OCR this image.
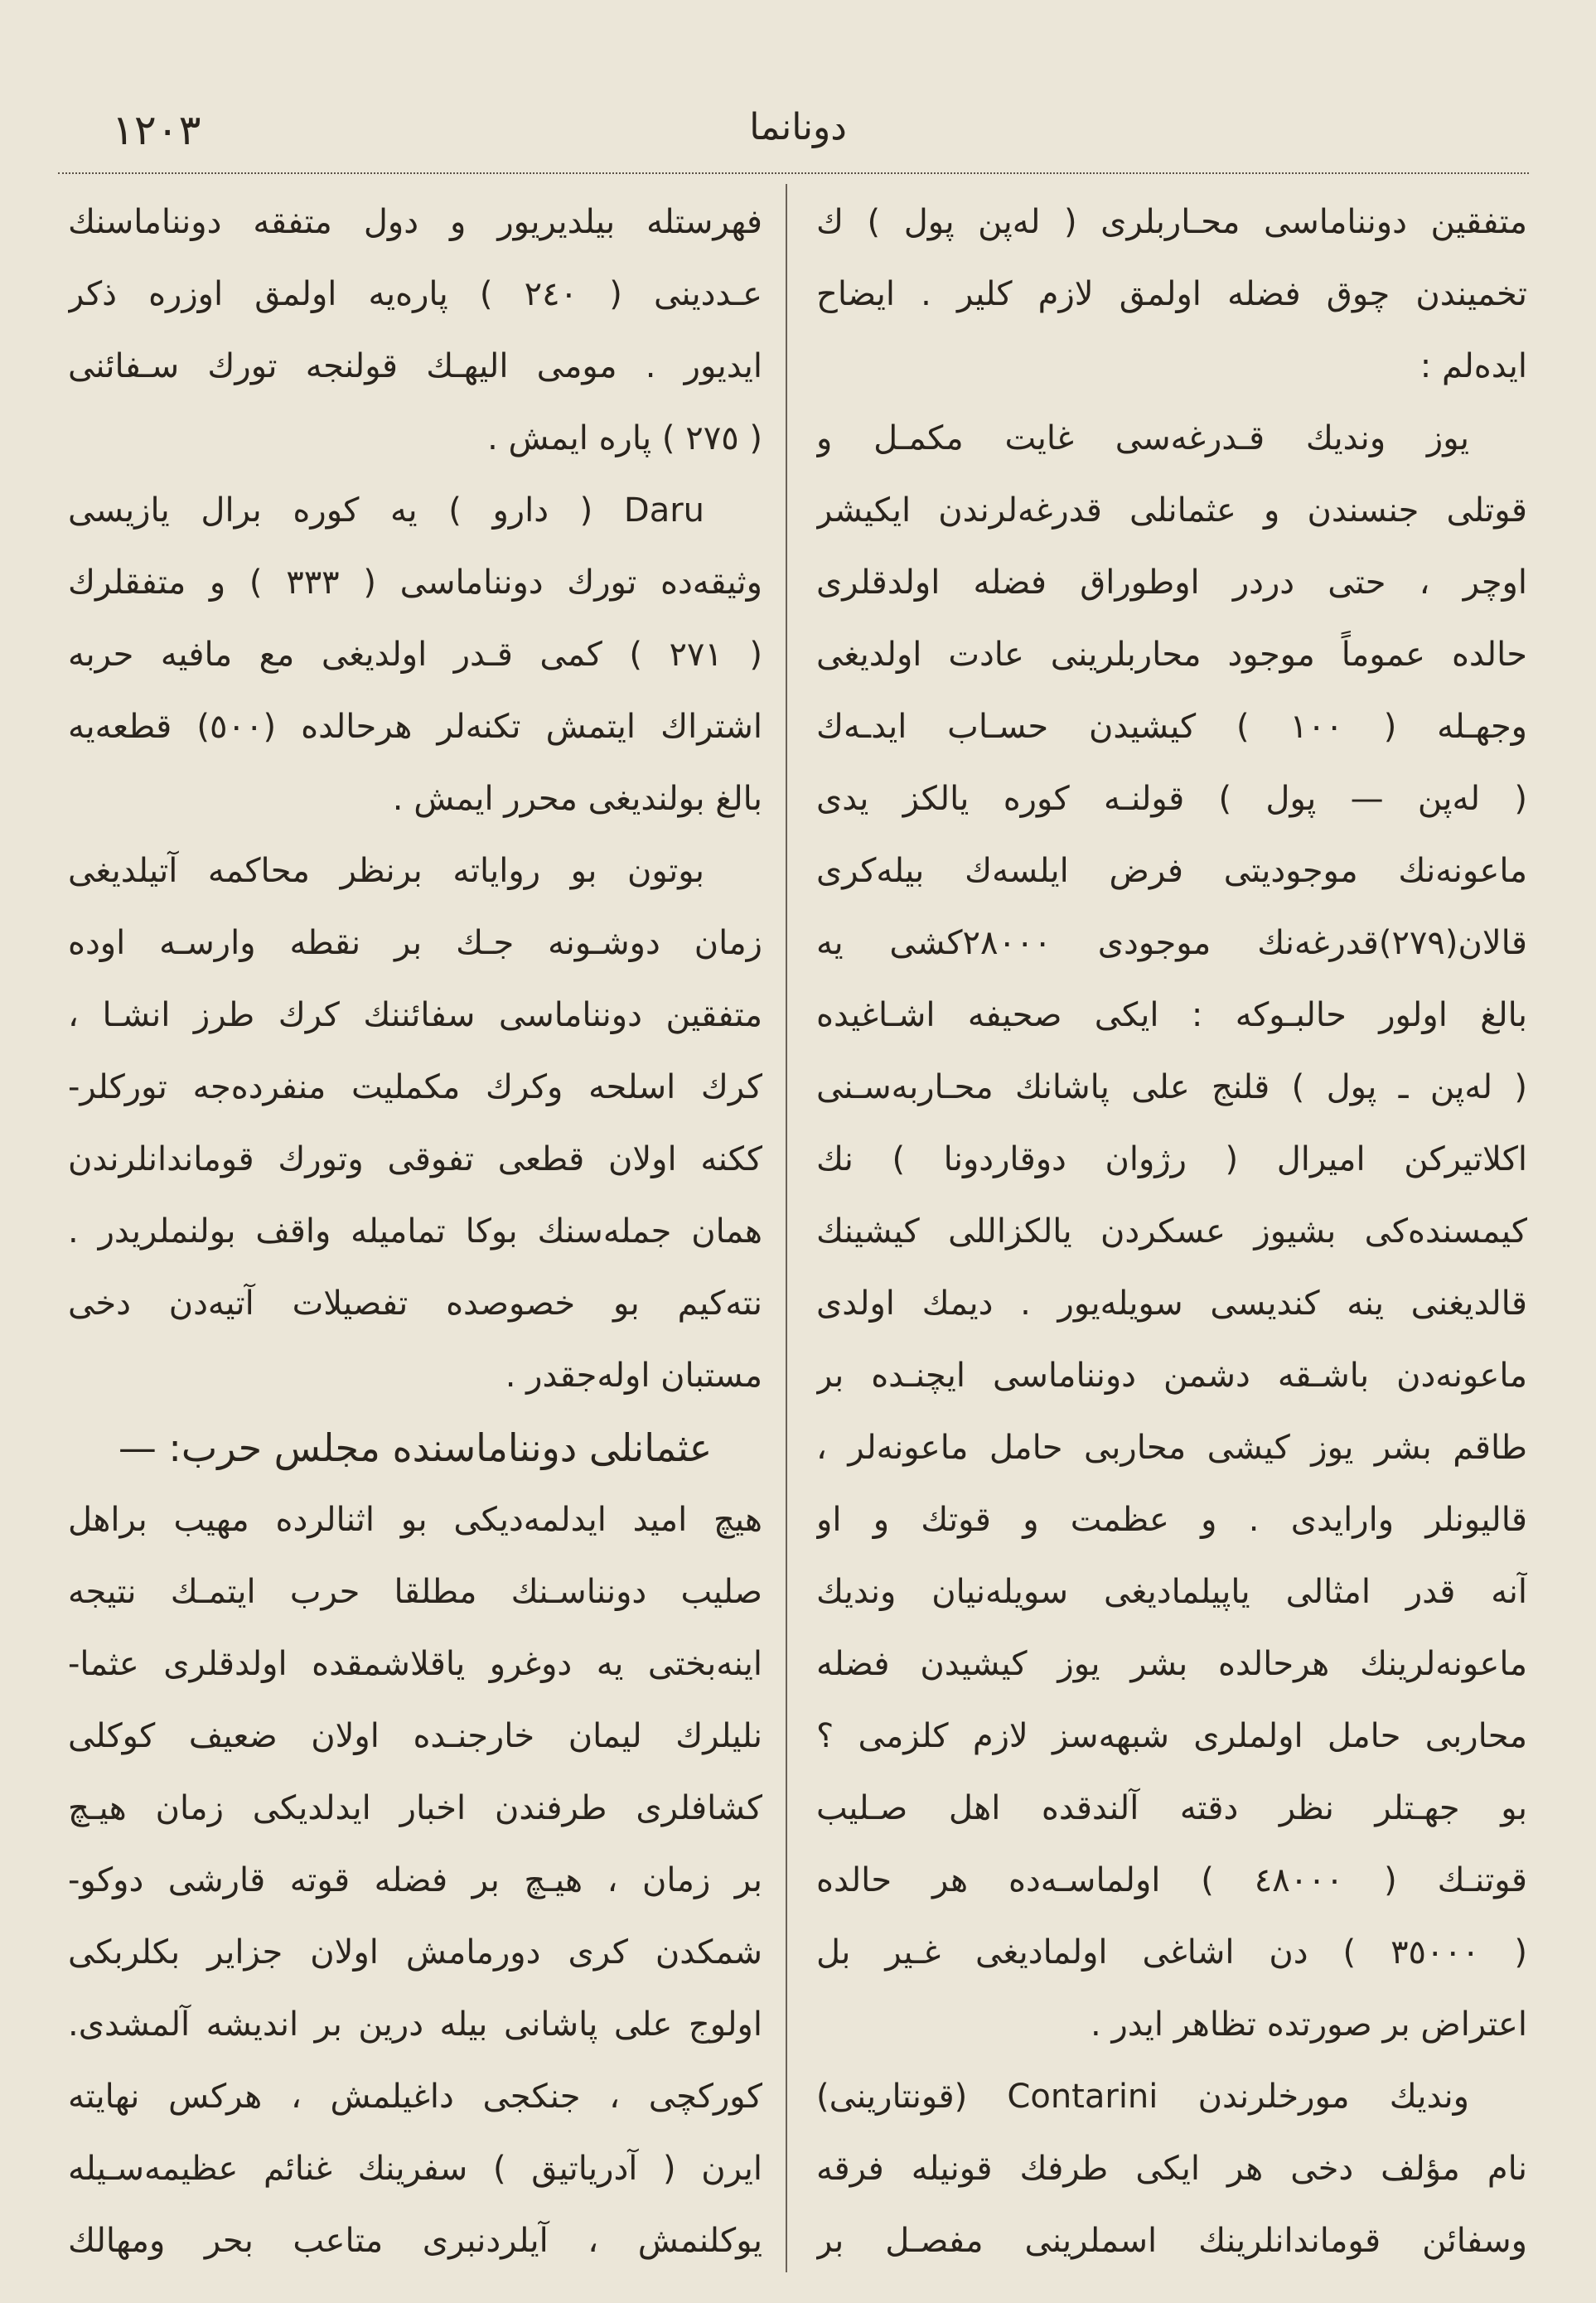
١٢٠٣	دونانما
متفقین دونناماسی محـاربلری ( لەپن پول ) ك
تخمیندن چوق فضله اولمق لازم کلیر . ایضاح
ایدەلم :
یوز وندیك قـدرغەسی غایت مکمـل و
قوتلی جنسندن و عثمانلی قدرغەلرندن ایکیشر
اوچر ، حتی دردر اوطوراق فضله اولدقلری
حالده عموماً موجود محاربلرینی عادت اولدیغی
وجهـله ( ١٠٠ ) کیشیدن حسـاب ایدـەك
( لەپن — پول ) قولنـه کوره یالکز یدی
ماعونەنك موجودیتی فرض ایلسەك بیلەکری
قالان(٢٧٩)قدرغەنك موجودی ٢٨٠٠٠کشی یه
بالغ اولور حالبـوکه : ایکی صحیفه اشـاغیده
( لەپن ـ پول ) قلنج علی پاشانك محـاربەسـنی
اکلاتیرکن امیرال ( رژوان دوقاردونا ) نك
کیمسندەکی بشیوز عسکردن یالکزاللی کیشینك
قالدیغنی ینه کندیسی سویلەیور . دیمك اولدی
ماعونەدن باشـقه دشمن دونناماسی ایچنـده بر
طاقم بشر یوز کیشی محاربی حامل ماعونەلر ،
قالیونلر وارایدی . و عظمت و قوتك و او
آنه قدر امثالی یاپیلمادیغی سویلەنیان وندیك
ماعونەلرینك هرحالده بشر یوز کیشیدن فضله
محاربی حامل اولملری شبهەسز لازم کلزمی ؟
بو جهـتلر نظر دقته آلندقده اهل صـلیب
قوتنـك ( ٤٨٠٠٠ ) اولماسـەده هر حالده
( ٣٥٠٠٠ ) دن اشاغی اولمادیغی غـیر بل
اعتراض بر صورتده تظاهر ایدر .
وندیك مورخلرندن Contarini (قونتارینی)
نام مؤلف دخی هر ایکی طرفك قونیله فرقه
وسفائن قوماندانلرینك اسملرینی مفصـل بر
فهرستله بیلدیریور و دول متفقه دونناماسنك
عـددینی ( ٢٤٠ ) پارەیه اولمق اوزره ذکر
ایدیور . مومی الیهـك قولنجه تورك سـفائنی
( ٢٧٥ ) پاره ایمش .
Daru ( دارو ) یه کوره برال یازیسی
وثیقەده تورك دونناماسی ( ٣٣٣ ) و متفقلرك
( ٢٧١ ) کمی قـدر اولدیغی مع مافیه حربه
اشتراك ایتمش تکنەلر هرحالده (٥٠٠) قطعەیه
بالغ بولندیغی محرر ایمش .
بوتون بو روایاته برنظر محاکمه آتیلدیغی
زمان دوشـونه جـك بر نقطه وارسـه اوده
متفقین دونناماسی سفائننك کرك طرز انشـا ،
کرك اسلحه وکرك مکملیت منفردەجه تورکلر-
ککنه اولان قطعی تفوقی وتورك قوماندانلرندن
همان جملەسنك بوکا تماميله واقف بولنملريدر .
نتەکیم بو خصوصده تفصیلات آتیەدن دخی
مستبان اولەجقدر .
عثمانلی دونناماسنده مجلس حرب: —
هیچ امید ایدلمەدیکی بو اثنالرده مهیب براهل
صلیب دونناسـنك مطلقا حرب ایتمـك نتیجه
اینەبختی یه دوغرو یاقلاشمقده اولدقلری عثما-
نلیلرك لیمان خارجنـده اولان ضعیف کوکلی
کشافلری طرفندن اخبار ایدلدیکی زمان هیـچ
بر زمان ، هیـچ بر فضله قوته قارشی دوکو-
شمکدن کری دورمامش اولان جزایر بکلربکی
اولوج علی پاشانی بیله درین بر اندیشه آلمشدی.
کورکچی ، جنکجی داغیلمش ، هرکس نهایته
ایرن ( آدریاتیق ) سفرینك غنائم عظیمەسـیله
یوکلنمش ، آیلردنبری متاعب بحر ومهالك
